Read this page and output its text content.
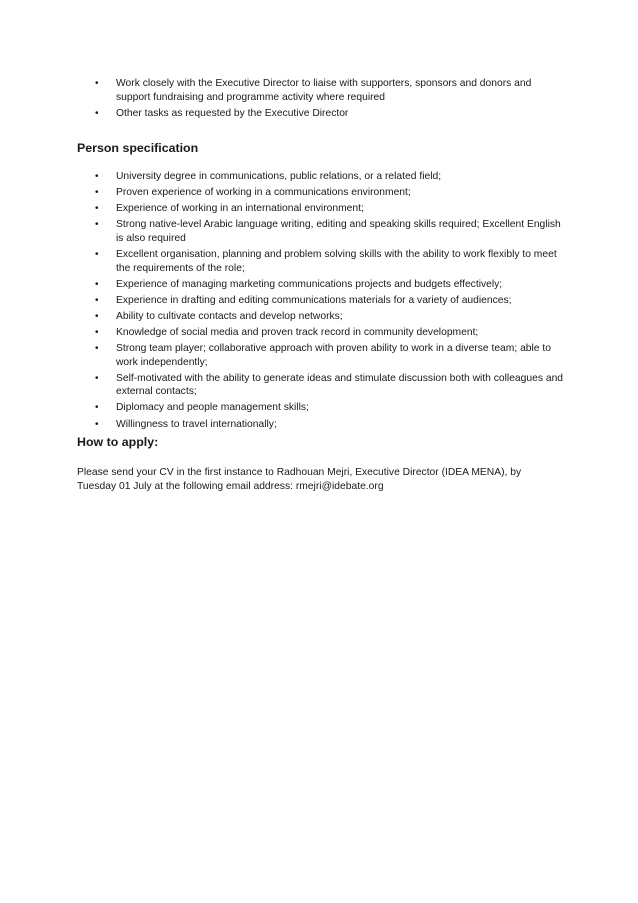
• Work closely with the Executive Director to liaise with supporters, sponsors and donors and support fundraising and programme activity where required
• Other tasks as requested by the Executive Director
Person specification
• University degree in communications, public relations, or a related field;
• Proven experience of working in a communications environment;
• Experience of working in an international environment;
• Strong native-level Arabic language writing, editing and speaking skills required; Excellent English is also required
• Excellent organisation, planning and problem solving skills with the ability to work flexibly to meet the requirements of the role;
• Experience of managing marketing communications projects and budgets effectively;
• Experience in drafting and editing communications materials for a variety of audiences;
• Ability to cultivate contacts and develop networks;
• Knowledge of social media and proven track record in community development;
• Strong team player; collaborative approach with proven ability to work in a diverse team; able to work independently;
• Self-motivated with the ability to generate ideas and stimulate discussion both with colleagues and external contacts;
• Diplomacy and people management skills;
• Willingness to travel internationally;
How to apply:

Please send your CV in the first instance to Radhouan Mejri, Executive Director (IDEA MENA), by Tuesday 01 July at the following email address: rmejri@idebate.org
